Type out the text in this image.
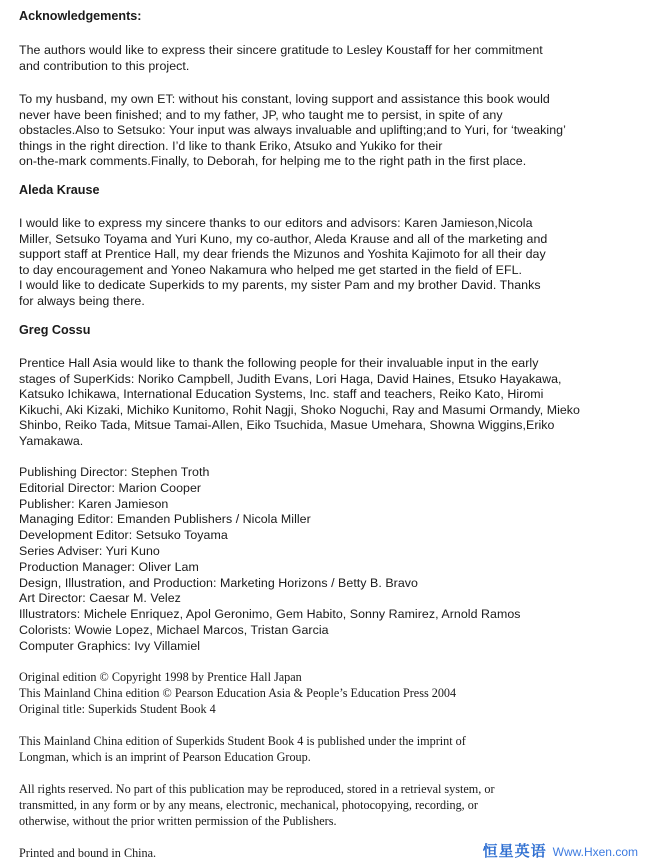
Acknowledgements:

The authors would like to express their sincere gratitude to Lesley Koustaff for her commitment
and contribution to this project.

To my husband, my own ET: without his constant, loving support and assistance this book would
never have been finished; and to my father, JP, who taught me to persist, in spite of any
obstacles.Also to Setsuko: Your input was always invaluable and uplifting;and to Yuri, for ‘tweaking’
things in the right direction. I’d like to thank Eriko, Atsuko and Yukiko for their
on-the-mark comments.Finally, to Deborah, for helping me to the right path in the first place.

Aleda Krause

I would like to express my sincere thanks to our editors and advisors: Karen Jamieson,Nicola
Miller, Setsuko Toyama and Yuri Kuno, my co-author, Aleda Krause and all of the marketing and
support staff at Prentice Hall, my dear friends the Mizunos and Yoshita Kajimoto for all their day
to day encouragement and Yoneo Nakamura who helped me get started in the field of EFL.
I would like to dedicate Superkids to my parents, my sister Pam and my brother David. Thanks
for always being there.

Greg Cossu

Prentice Hall Asia would like to thank the following people for their invaluable input in the early
stages of SuperKids: Noriko Campbell, Judith Evans, Lori Haga, David Haines, Etsuko Hayakawa,
Katsuko Ichikawa, International Education Systems, Inc. staff and teachers, Reiko Kato, Hiromi
Kikuchi, Aki Kizaki, Michiko Kunitomo, Rohit Nagji, Shoko Noguchi, Ray and Masumi Ormandy, Mieko
Shinbo, Reiko Tada, Mitsue Tamai-Allen, Eiko Tsuchida, Masue Umehara, Showna Wiggins,Eriko
Yamakawa.

Publishing Director: Stephen Troth
Editorial Director: Marion Cooper
Publisher: Karen Jamieson
Managing Editor: Emanden Publishers / Nicola Miller
Development Editor: Setsuko Toyama
Series Adviser: Yuri Kuno
Production Manager: Oliver Lam
Design, Illustration, and Production: Marketing Horizons / Betty B. Bravo
Art Director: Caesar M. Velez
Illustrators: Michele Enriquez, Apol Geronimo, Gem Habito, Sonny Ramirez, Arnold Ramos
Colorists: Wowie Lopez, Michael Marcos, Tristan Garcia
Computer Graphics: Ivy Villamiel

Original edition © Copyright 1998 by Prentice Hall Japan
This Mainland China edition © Pearson Education Asia & People’s Education Press 2004
Original title: Superkids Student Book 4

This Mainland China edition of Superkids Student Book 4 is published under the imprint of
Longman, which is an imprint of Pearson Education Group.

All rights reserved. No part of this publication may be reproduced, stored in a retrieval system, or
transmitted, in any form or by any means, electronic, mechanical, photocopying, recording, or
otherwise, without the prior written permission of the Publishers.

Printed and bound in China.	恒星英语 Www.Hxen.com
